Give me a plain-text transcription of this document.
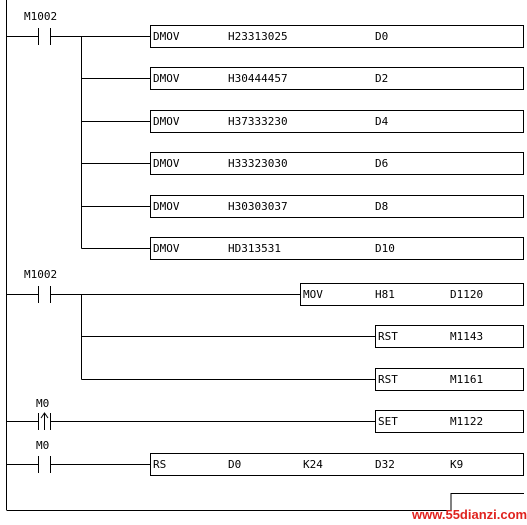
M1002
DMOV	H23313025	D0
DMOV	H30444457	D2
DMOV	H37333230	D4
DMOV	H33323030	D6
DMOV	H30303037	D8
DMOV	HD313531	D10
M1002
MOV	H81	D1120
RST	M1143
RST	M1161
M0
SET	M1122
M0
RS	D0	K24	D32	K9
www.55dianzi.com
